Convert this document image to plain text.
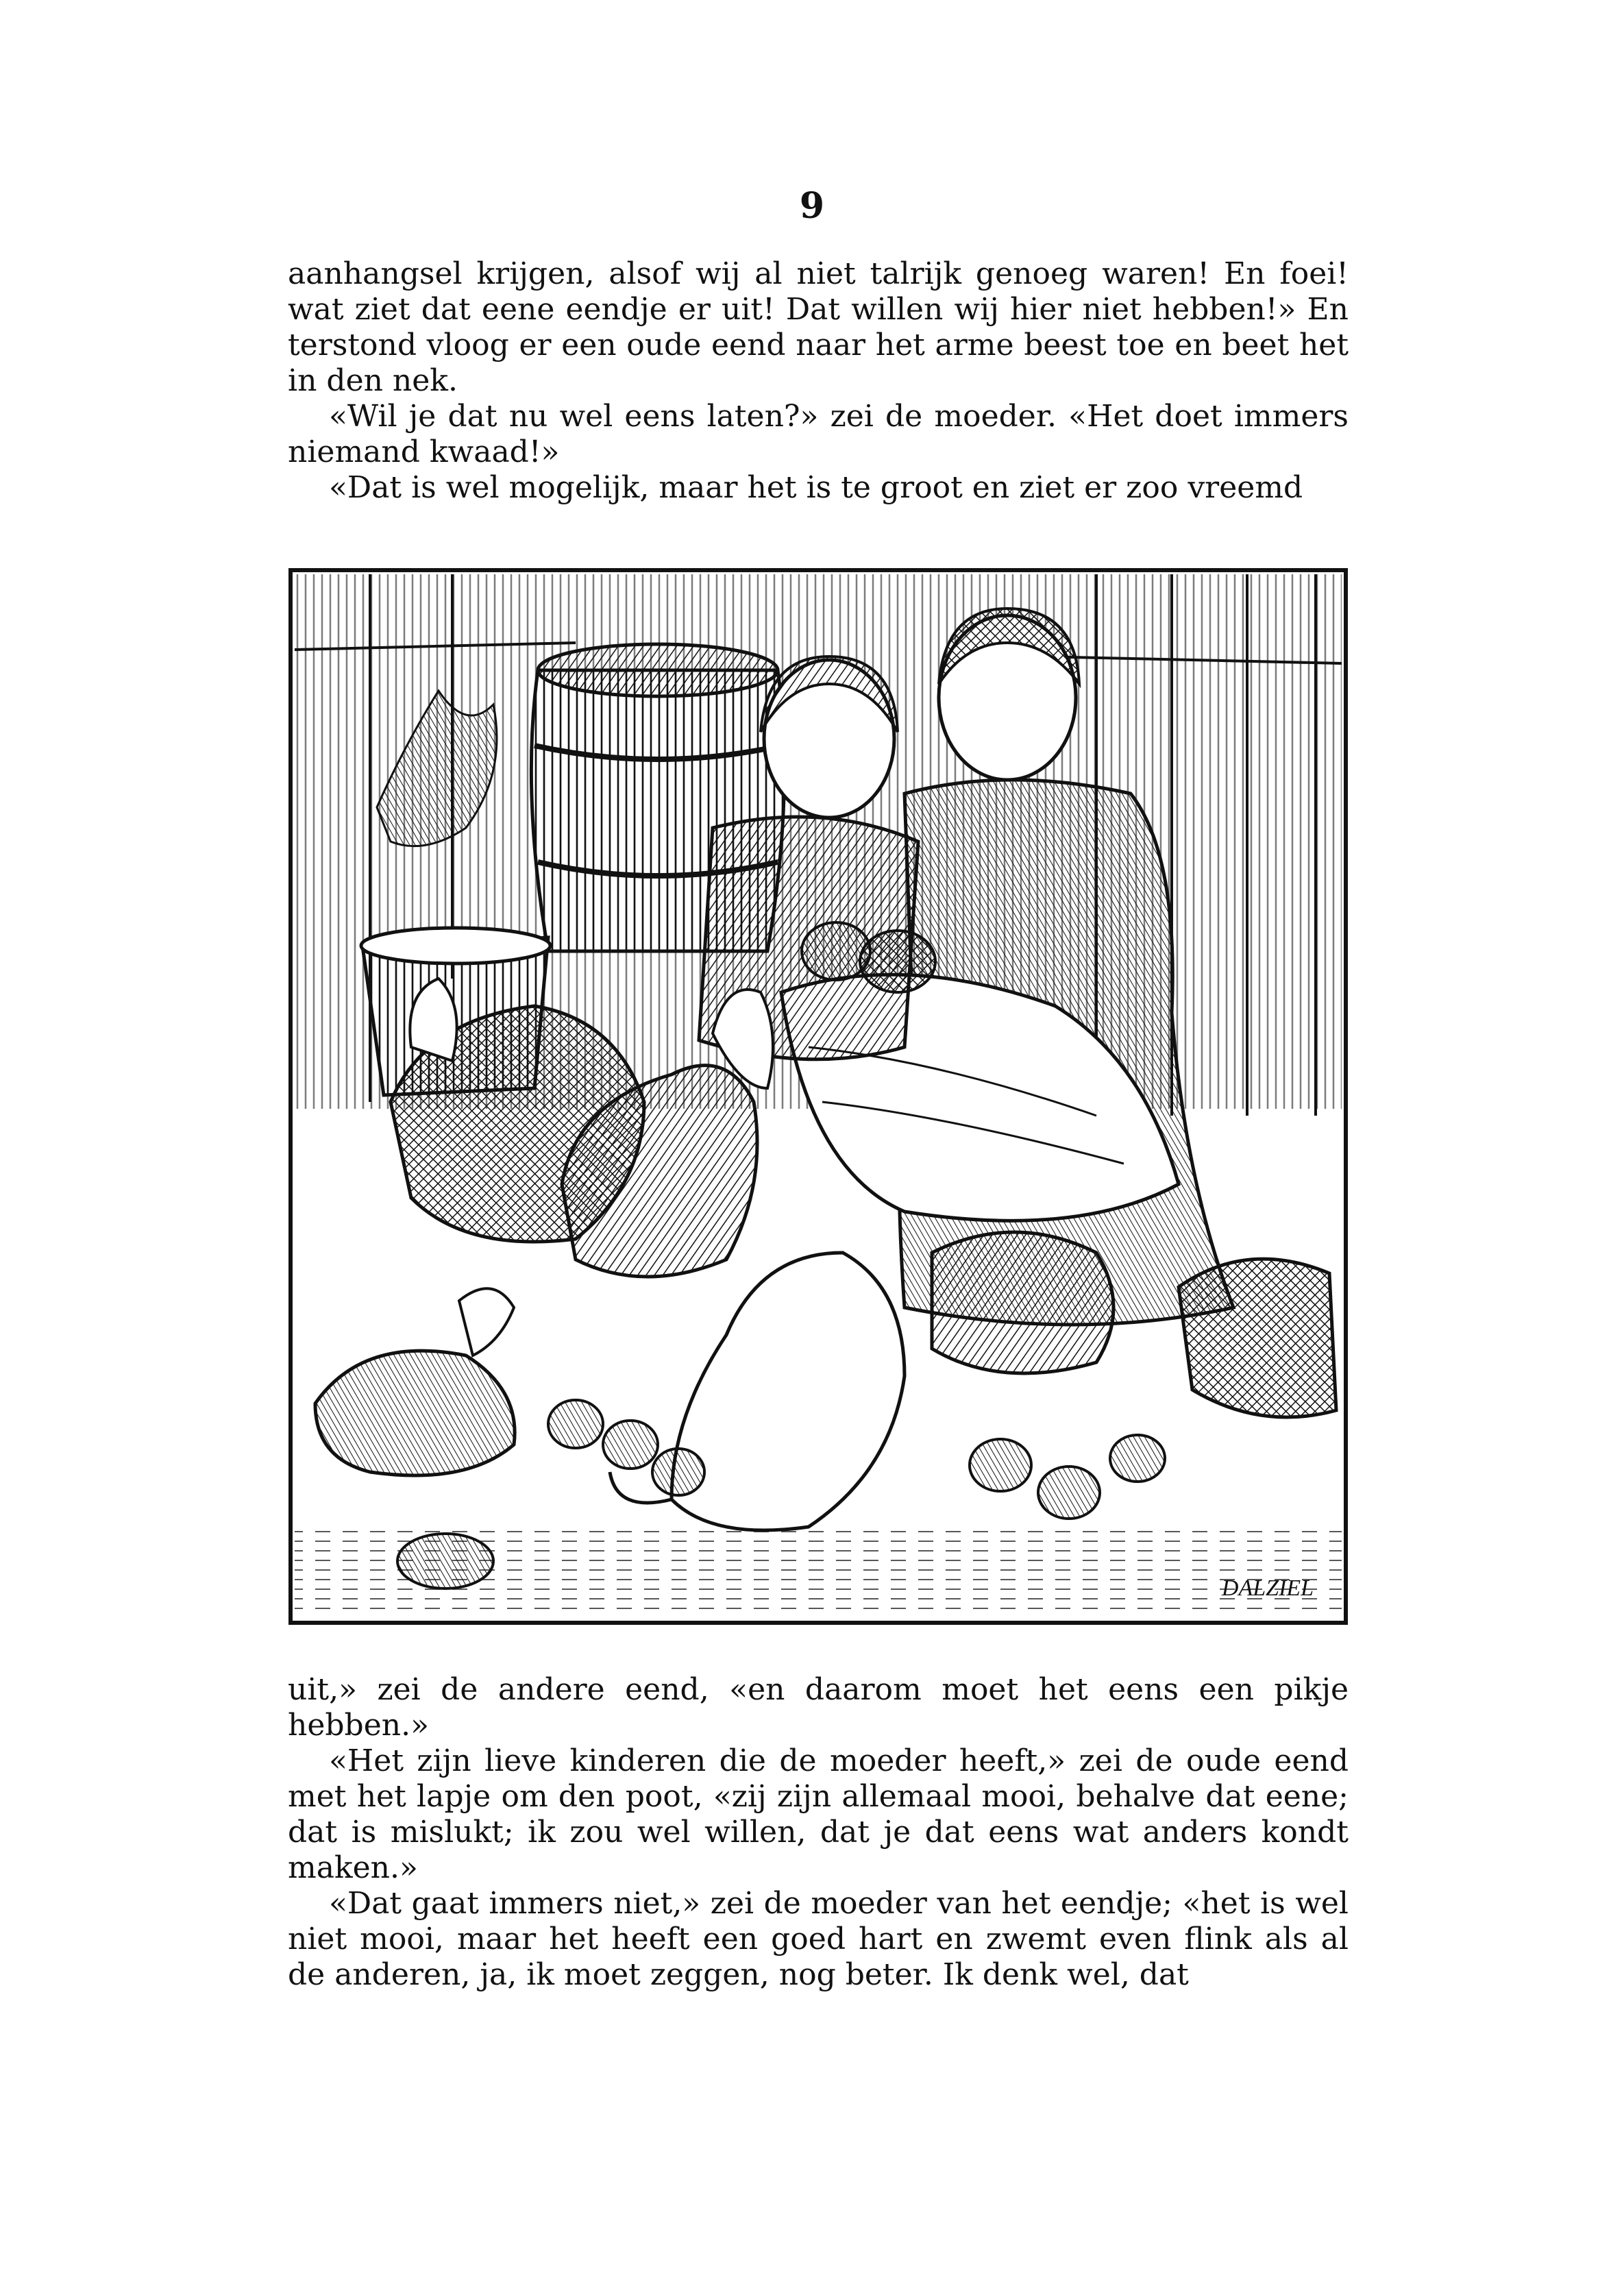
9

aanhangsel krijgen, alsof wij al niet talrijk genoeg waren! En foei! wat ziet dat eene eendje er uit! Dat willen wij hier niet hebben!» En terstond vloog er een oude eend naar het arme beest toe en beet het in den nek.

«Wil je dat nu wel eens laten?» zei de moeder. «Het doet immers niemand kwaad!»

«Dat is wel mogelijk, maar het is te groot en ziet er zoo vreemd

DALZIEL

uit,» zei de andere eend, «en daarom moet het eens een pikje hebben.»

«Het zijn lieve kinderen die de moeder heeft,» zei de oude eend met het lapje om den poot, «zij zijn allemaal mooi, behalve dat eene; dat is mislukt; ik zou wel willen, dat je dat eens wat anders kondt maken.»

«Dat gaat immers niet,» zei de moeder van het eendje; «het is wel niet mooi, maar het heeft een goed hart en zwemt even flink als al de anderen, ja, ik moet zeggen, nog beter. Ik denk wel, dat
